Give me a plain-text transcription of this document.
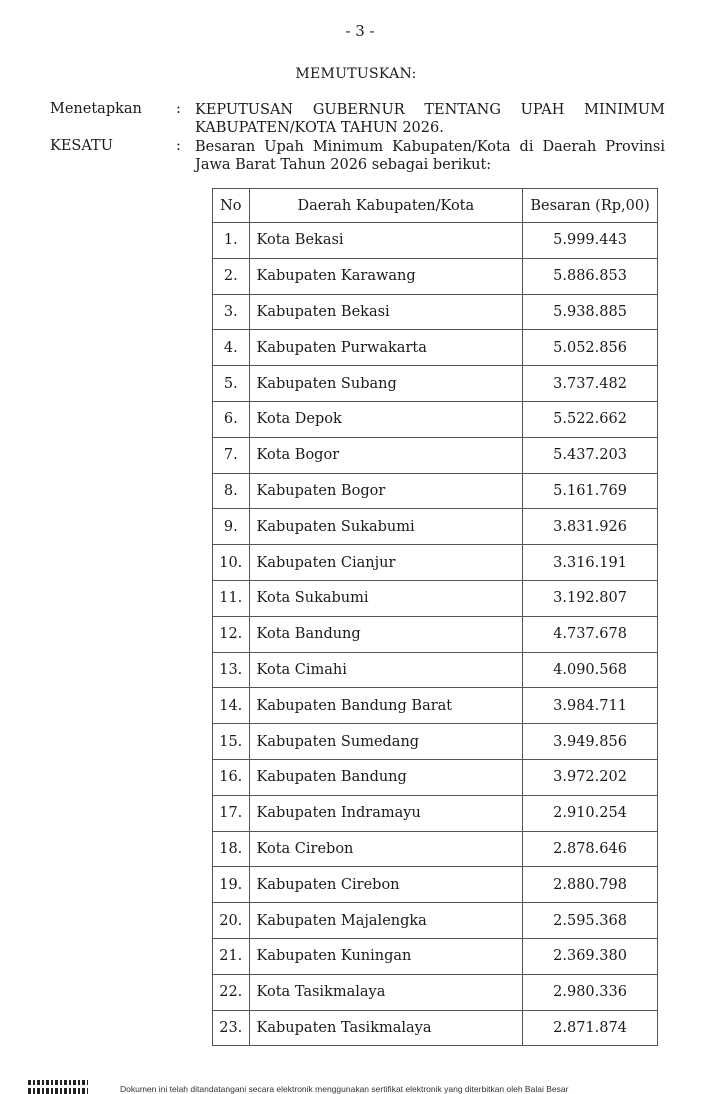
- 3 -
MEMUTUSKAN:
Menetapkan : KEPUTUSAN GUBERNUR TENTANG UPAH MINIMUM
KABUPATEN/KOTA TAHUN 2026.
KESATU	: Besaran Upah Minimum Kabupaten/Kota di Daerah Provinsi
Jawa Barat Tahun 2026 sebagai berikut:
No	Daerah Kabupaten/Kota	Besaran (Rp,00)
1.	Kota Bekasi	5.999.443
2.	Kabupaten Karawang	5.886.853
3.	Kabupaten Bekasi	5.938.885
4.	Kabupaten Purwakarta	5.052.856
5.	Kabupaten Subang	3.737.482
6.	Kota Depok	5.522.662
7.	Kota Bogor	5.437.203
8.	Kabupaten Bogor	5.161.769
9.	Kabupaten Sukabumi	3.831.926
10.	Kabupaten Cianjur	3.316.191
11.	Kota Sukabumi	3.192.807
12.	Kota Bandung	4.737.678
13.	Kota Cimahi	4.090.568
14.	Kabupaten Bandung Barat	3.984.711
15.	Kabupaten Sumedang	3.949.856
16.	Kabupaten Bandung	3.972.202
17.	Kabupaten Indramayu	2.910.254
18.	Kota Cirebon	2.878.646
19.	Kabupaten Cirebon	2.880.798
20.	Kabupaten Majalengka	2.595.368
21.	Kabupaten Kuningan	2.369.380
22.	Kota Tasikmalaya	2.980.336
23.	Kabupaten Tasikmalaya	2.871.874
Dokumen ini telah ditandatangani secara elektronik menggunakan sertifikat elektronik yang diterbitkan oleh Balai Besar
